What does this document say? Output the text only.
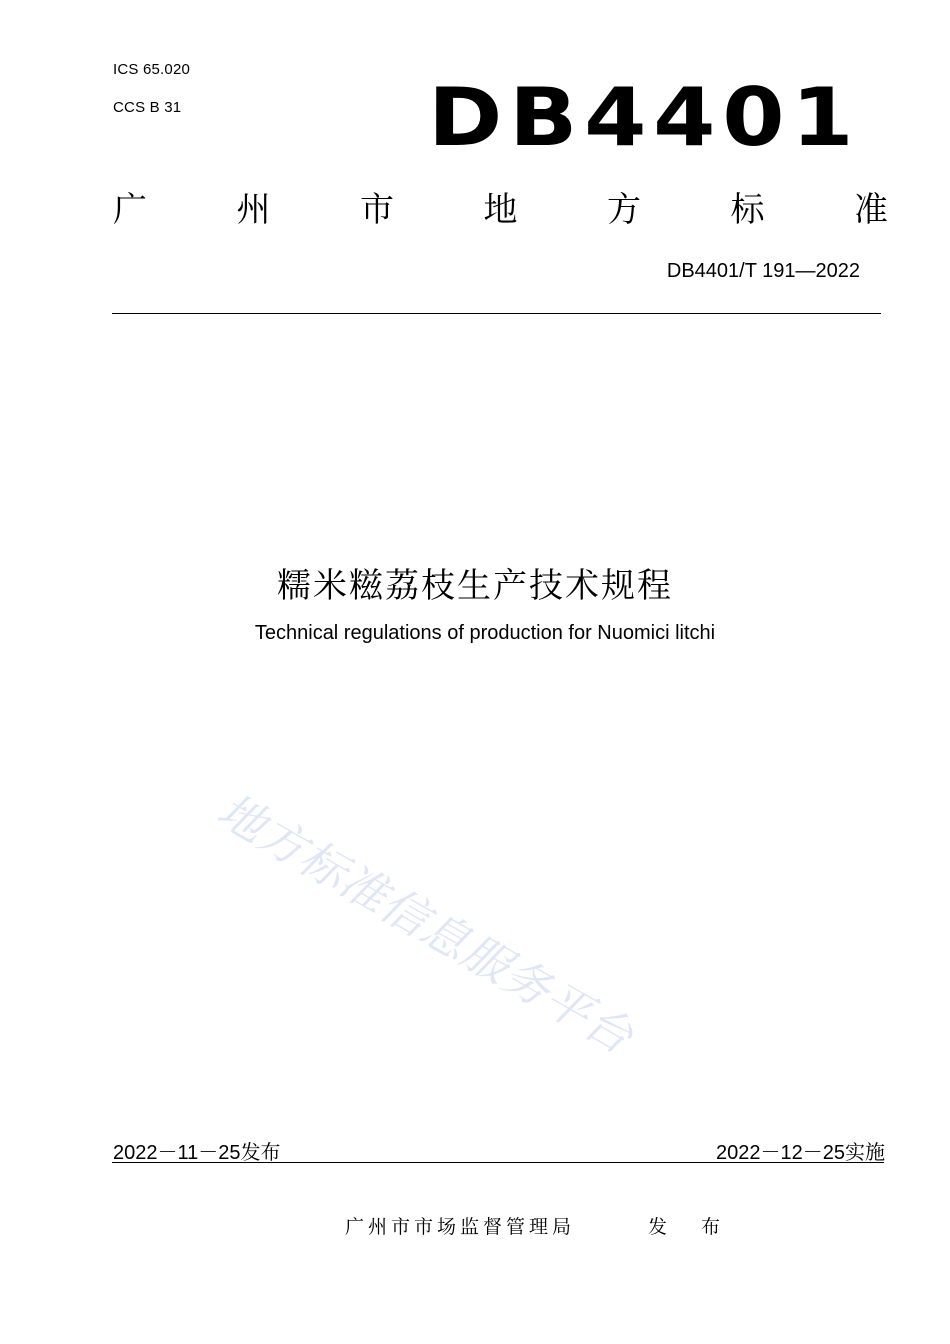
ICS 65.020
CCS B 31	DB4401
广	州	市	地	方	标	准
DB4401/T 191—2022
糯米糍荔枝生产技术规程
Technical regulations of production for Nuomici litchi
地方标准信息服务平台
2022－11－25发布	2022－12－25实施
广州市市场监督管理局	发 布
